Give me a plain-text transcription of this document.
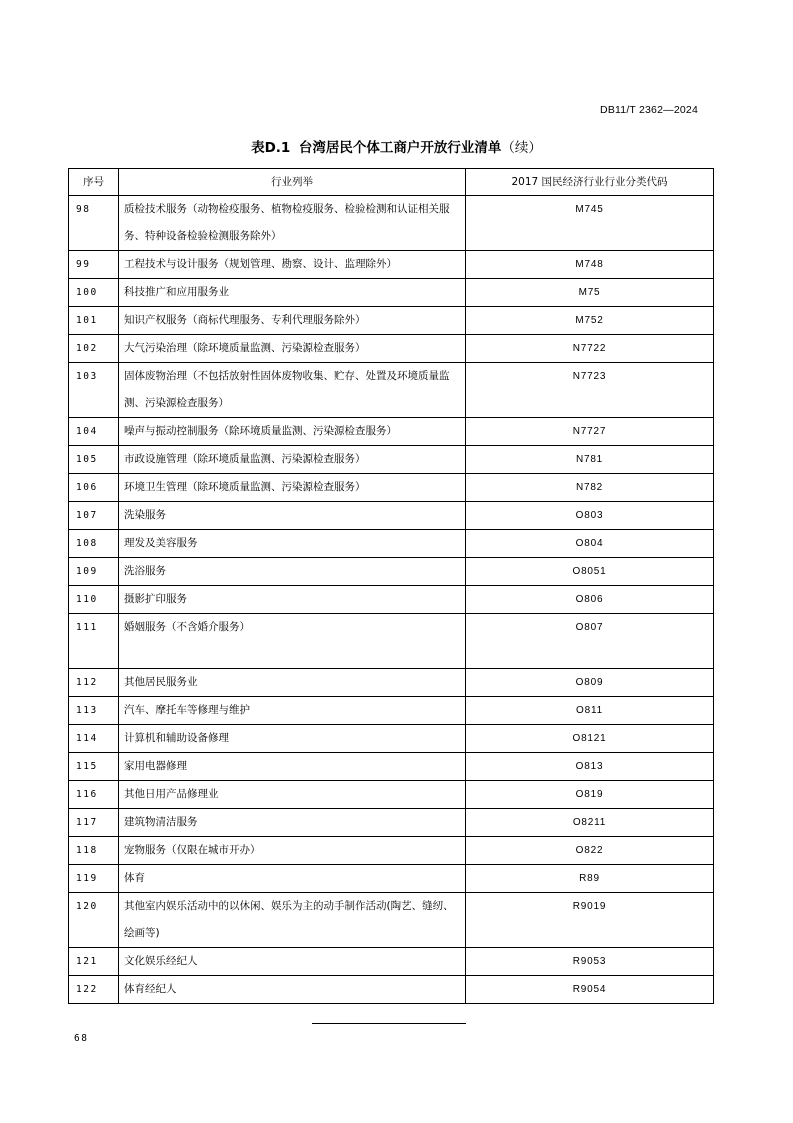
DB11/T 2362—2024
表D.1 台湾居民个体工商户开放行业清单（续）
序号	行业列举	2017 国民经济行业行业分类代码
98	质检技术服务（动物检疫服务、植物检疫服务、检验检测和认证相关服务、特种设备检验检测服务除外）	M745
99	工程技术与设计服务（规划管理、勘察、设计、监理除外）	M748
100	科技推广和应用服务业	M75
101	知识产权服务（商标代理服务、专利代理服务除外）	M752
102	大气污染治理（除环境质量监测、污染源检查服务）	N7722
103	固体废物治理（不包括放射性固体废物收集、贮存、处置及环境质量监测、污染源检查服务）	N7723
104	噪声与振动控制服务（除环境质量监测、污染源检查服务）	N7727
105	市政设施管理（除环境质量监测、污染源检查服务）	N781
106	环境卫生管理（除环境质量监测、污染源检查服务）	N782
107	洗染服务	O803
108	理发及美容服务	O804
109	洗浴服务	O8051
110	摄影扩印服务	O806
111	婚姻服务（不含婚介服务）	O807
112	其他居民服务业	O809
113	汽车、摩托车等修理与维护	O811
114	计算机和辅助设备修理	O8121
115	家用电器修理	O813
116	其他日用产品修理业	O819
117	建筑物清洁服务	O8211
118	宠物服务（仅限在城市开办）	O822
119	体育	R89
120	其他室内娱乐活动中的以休闲、娱乐为主的动手制作活动(陶艺、缝纫、绘画等)	R9019
121	文化娱乐经纪人	R9053
122	体育经纪人	R9054
68
